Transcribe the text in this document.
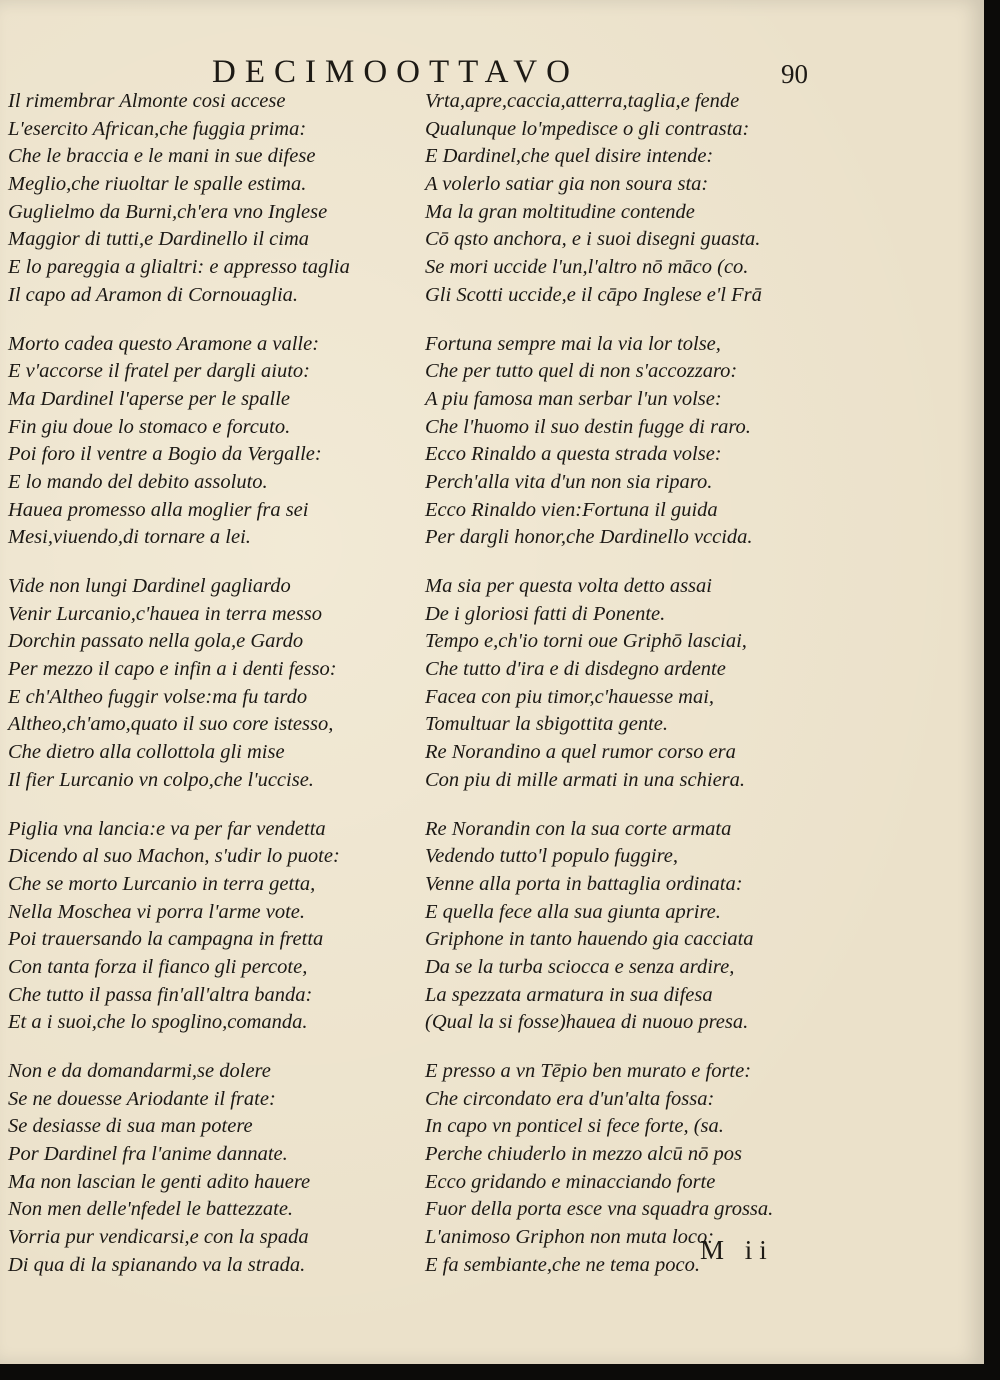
DECIMOOTTAVO	90
Il rimembrar Almonte cosi accese
L'esercito African,che fuggia prima:
Che le braccia e le mani in sue difese
Meglio,che riuoltar le spalle estima.
Guglielmo da Burni,ch'era vno Inglese
Maggior di tutti,e Dardinello il cima
E lo pareggia a glialtri: e appresso taglia
Il capo ad Aramon di Cornouaglia.
Morto cadea questo Aramone a valle:
E v'accorse il fratel per dargli aiuto:
Ma Dardinel l'aperse per le spalle
Fin giu doue lo stomaco e forcuto.
Poi foro il ventre a Bogio da Vergalle:
E lo mando del debito assoluto.
Hauea promesso alla moglier fra sei
Mesi,viuendo,di tornare a lei.
Vide non lungi Dardinel gagliardo
Venir Lurcanio,c'hauea in terra messo
Dorchin passato nella gola,e Gardo
Per mezzo il capo e infin a i denti fesso:
E ch'Altheo fuggir volse:ma fu tardo
Altheo,ch'amo,quato il suo core istesso,
Che dietro alla collottola gli mise
Il fier Lurcanio vn colpo,che l'uccise.
Piglia vna lancia:e va per far vendetta
Dicendo al suo Machon, s'udir lo puote:
Che se morto Lurcanio in terra getta,
Nella Moschea vi porra l'arme vote.
Poi trauersando la campagna in fretta
Con tanta forza il fianco gli percote,
Che tutto il passa fin'all'altra banda:
Et a i suoi,che lo spoglino,comanda.
Non e da domandarmi,se dolere
Se ne douesse Ariodante il frate:
Se desiasse di sua man potere
Por Dardinel fra l'anime dannate.
Ma non lascian le genti adito hauere
Non men delle'nfedel le battezzate.
Vorria pur vendicarsi,e con la spada
Di qua di la spianando va la strada.
Vrta,apre,caccia,atterra,taglia,e fende
Qualunque lo'mpedisce o gli contrasta:
E Dardinel,che quel disire intende:
A volerlo satiar gia non soura sta:
Ma la gran moltitudine contende
Cō qsto anchora, e i suoi disegni guasta.
Se mori uccide l'un,l'altro nō māco (co.
Gli Scotti uccide,e il cāpo Inglese e'l Frā
Fortuna sempre mai la via lor tolse,
Che per tutto quel di non s'accozzaro:
A piu famosa man serbar l'un volse:
Che l'huomo il suo destin fugge di raro.
Ecco Rinaldo a questa strada volse:
Perch'alla vita d'un non sia riparo.
Ecco Rinaldo vien:Fortuna il guida
Per dargli honor,che Dardinello vccida.
Ma sia per questa volta detto assai
De i gloriosi fatti di Ponente.
Tempo e,ch'io torni oue Griphō lasciai,
Che tutto d'ira e di disdegno ardente
Facea con piu timor,c'hauesse mai,
Tomultuar la sbigottita gente.
Re Norandino a quel rumor corso era
Con piu di mille armati in una schiera.
Re Norandin con la sua corte armata
Vedendo tutto'l populo fuggire,
Venne alla porta in battaglia ordinata:
E quella fece alla sua giunta aprire.
Griphone in tanto hauendo gia cacciata
Da se la turba sciocca e senza ardire,
La spezzata armatura in sua difesa
(Qual la si fosse)hauea di nuouo presa.
E presso a vn Tēpio ben murato e forte:
Che circondato era d'un'alta fossa:
In capo vn ponticel si fece forte, (sa.
Perche chiuderlo in mezzo alcū nō pos
Ecco gridando e minacciando forte
Fuor della porta esce vna squadra grossa.
L'animoso Griphon non muta loco:
E fa sembiante,che ne tema poco. M ii
